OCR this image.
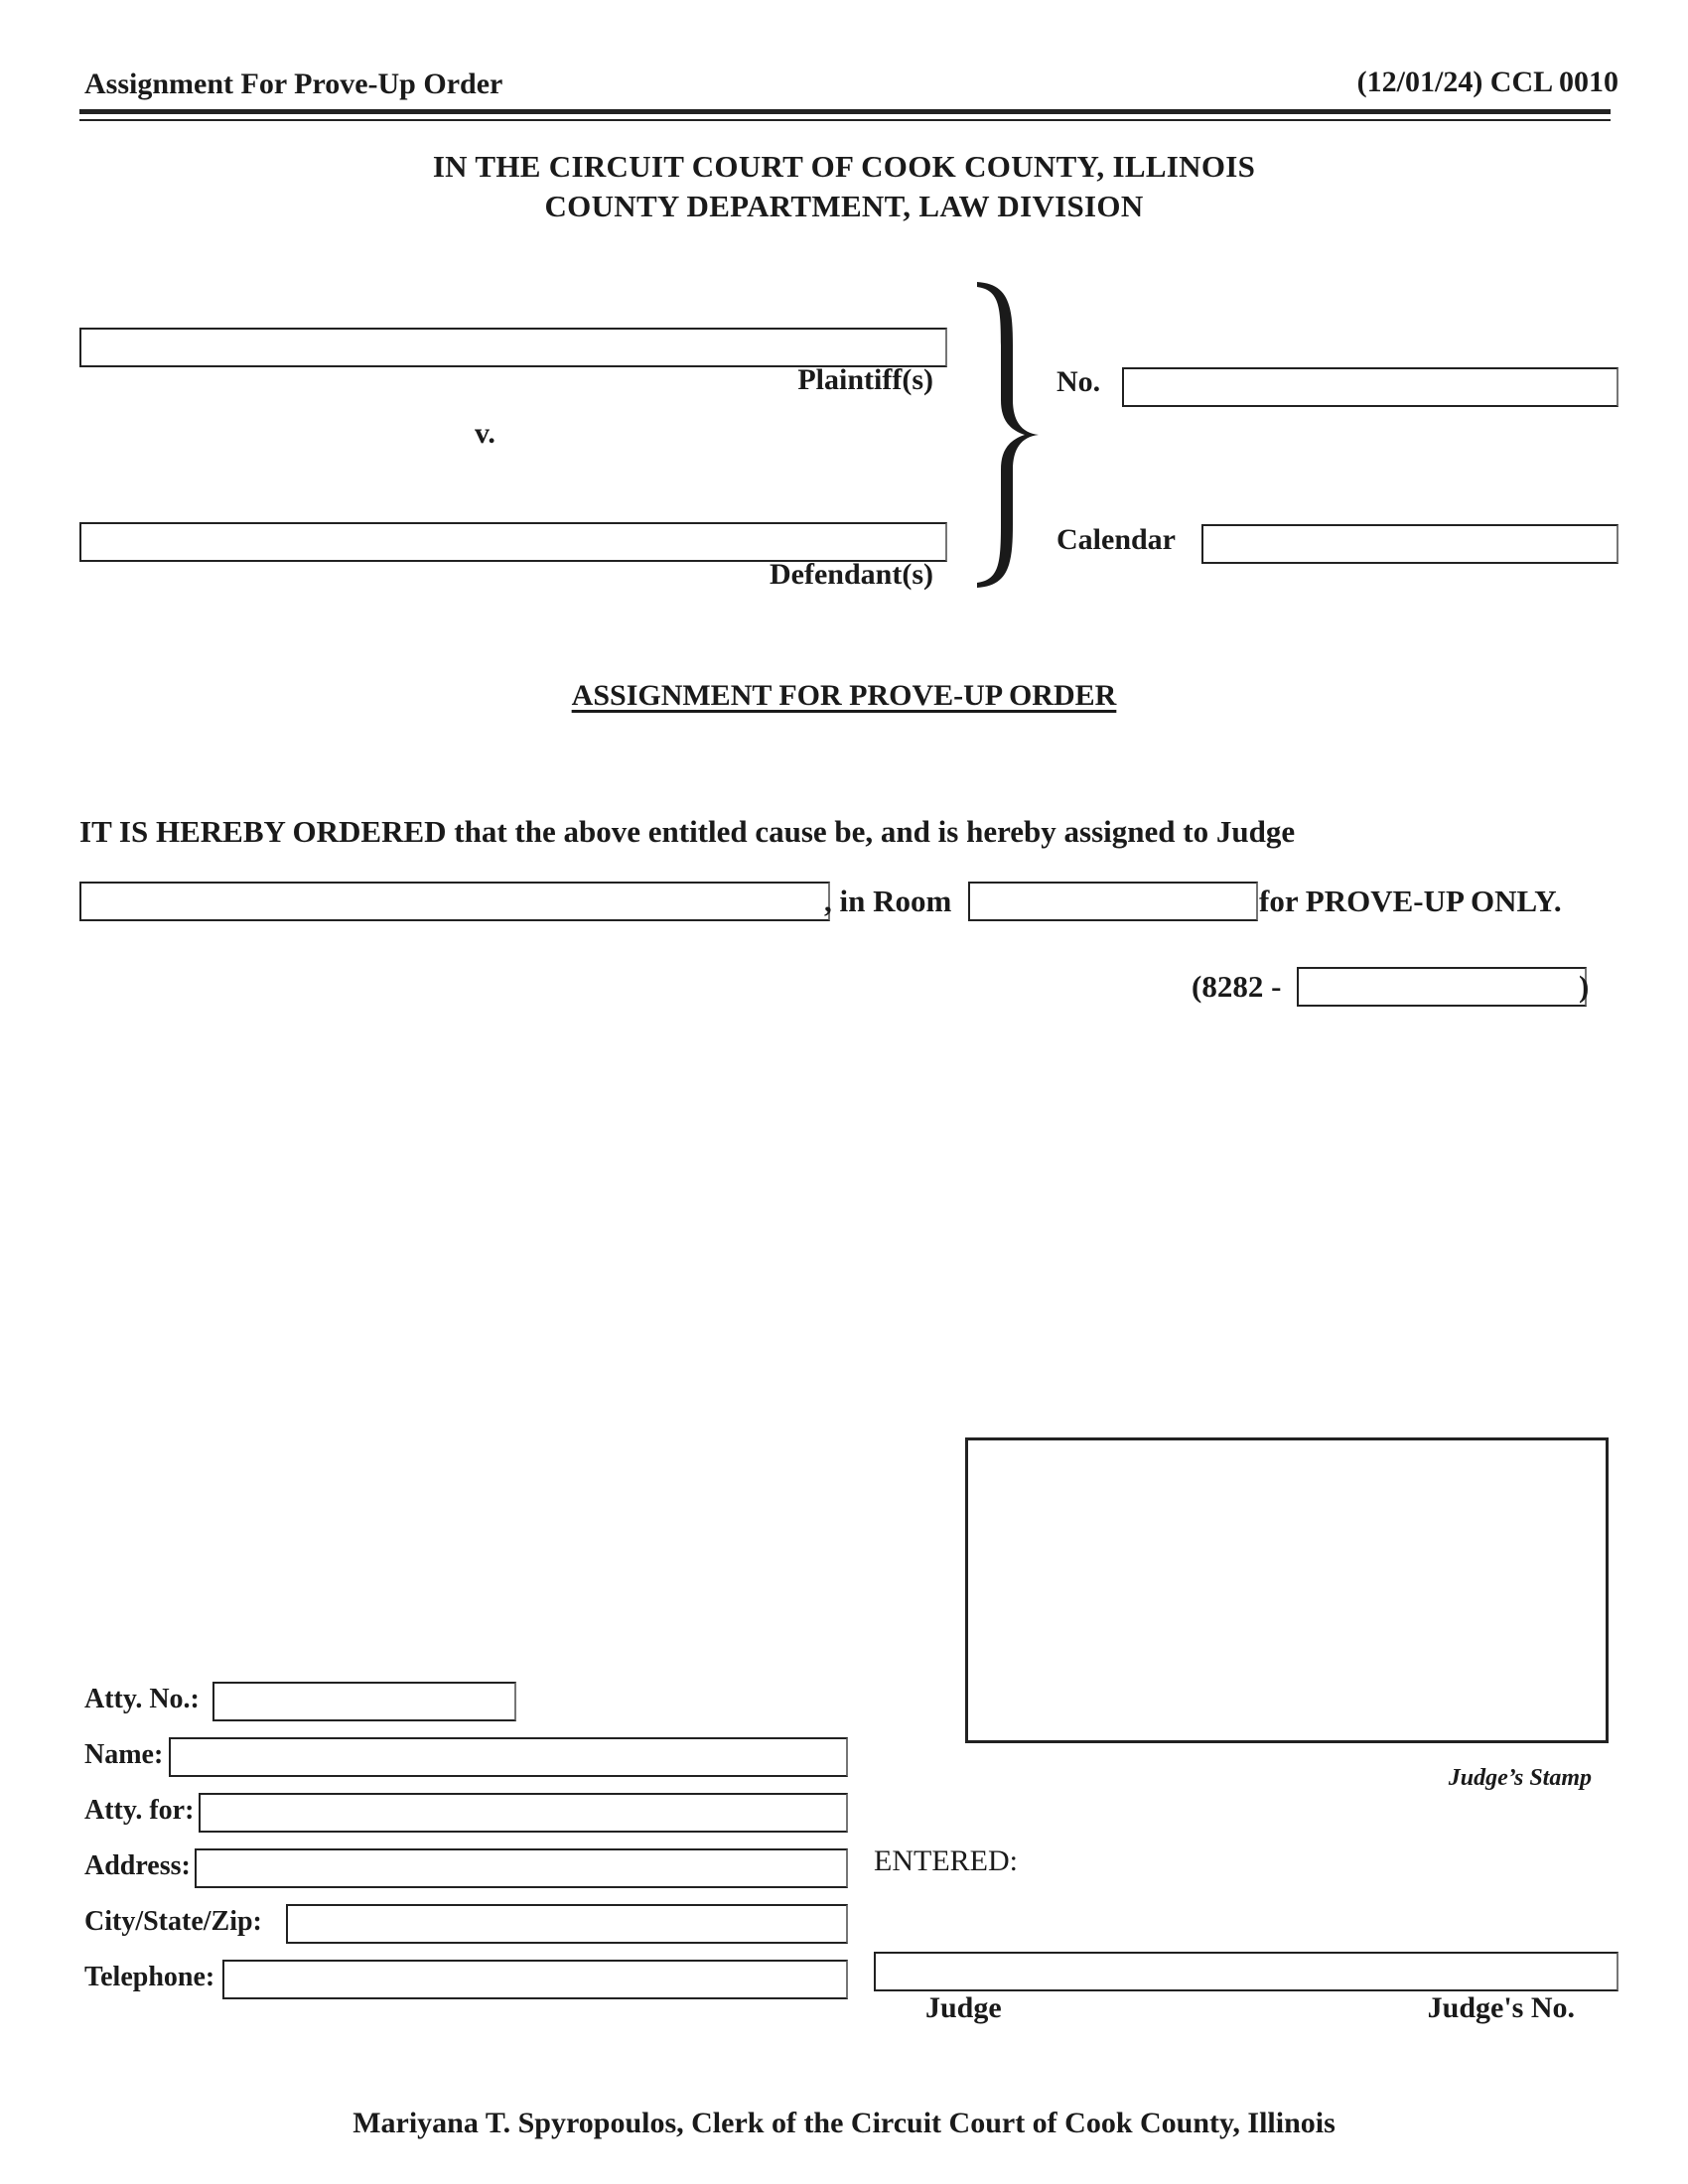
Assignment For Prove-Up Order	(12/01/24) CCL 0010
IN THE CIRCUIT COURT OF COOK COUNTY, ILLINOIS
COUNTY DEPARTMENT, LAW DIVISION
Plaintiff(s)
v.
Defendant(s)
No.
Calendar
ASSIGNMENT FOR PROVE-UP ORDER
IT IS HEREBY ORDERED that the above entitled cause be, and is hereby assigned to Judge
, in Room	for PROVE-UP ONLY.
(8282 -	)
Judge’s Stamp
Atty. No.:
Name:
Atty. for:
Address:
City/State/Zip:
Telephone:
ENTERED:
Judge	Judge's No.
Mariyana T. Spyropoulos, Clerk of the Circuit Court of Cook County, Illinois
